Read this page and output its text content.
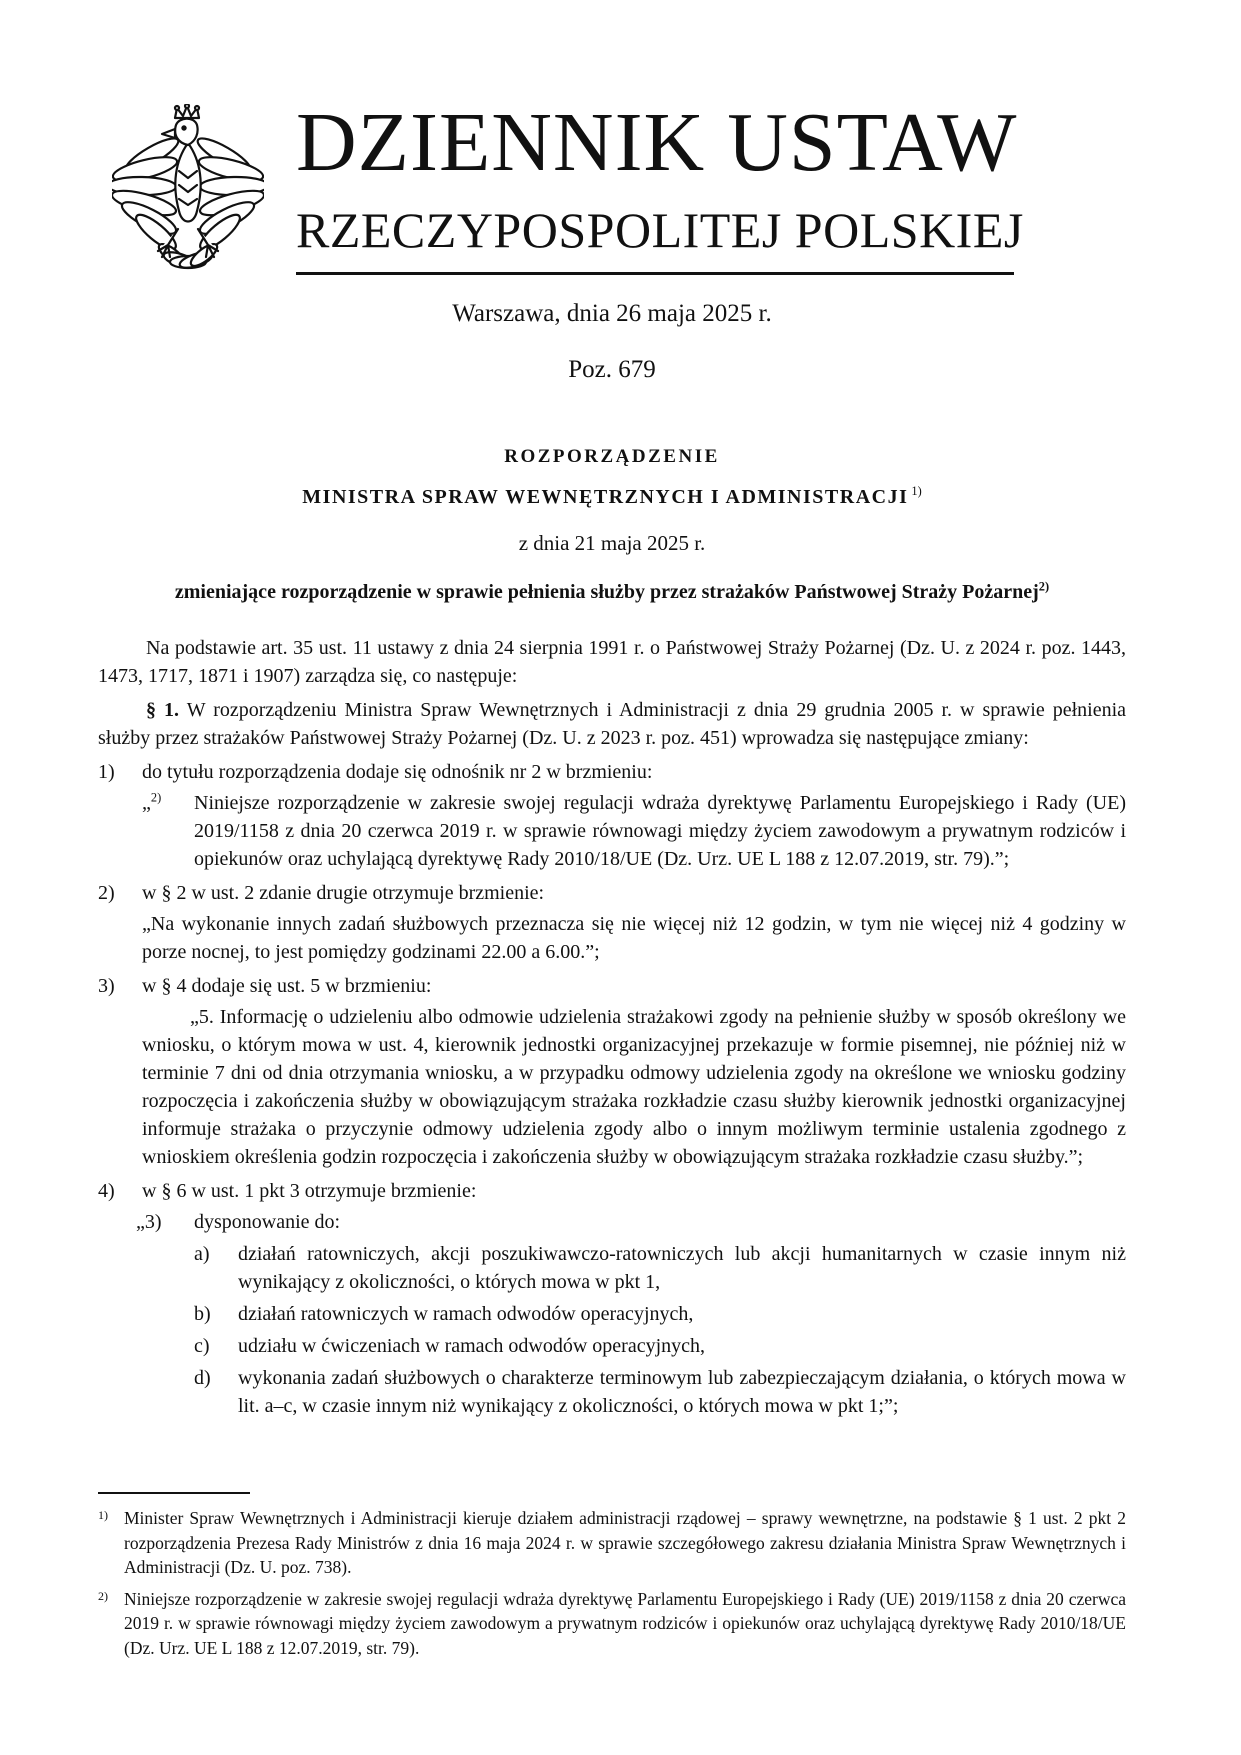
DZIENNIK USTAW
RZECZYPOSPOLITEJ POLSKIEJ
Warszawa, dnia 26 maja 2025 r.
Poz. 679
ROZPORZĄDZENIE
MINISTRA SPRAW WEWNĘTRZNYCH I ADMINISTRACJI $^{1)}$
z dnia 21 maja 2025 r.
zmieniające rozporządzenie w sprawie pełnienia służby przez strażaków Państwowej Straży Pożarnej$^{2)}$

Na podstawie art. 35 ust. 11 ustawy z dnia 24 sierpnia 1991 r. o Państwowej Straży Pożarnej (Dz. U. z 2024 r. poz. 1443, 1473, 1717, 1871 i 1907) zarządza się, co następuje:

§ 1. W rozporządzeniu Ministra Spraw Wewnętrznych i Administracji z dnia 29 grudnia 2005 r. w sprawie pełnienia służby przez strażaków Państwowej Straży Pożarnej (Dz. U. z 2023 r. poz. 451) wprowadza się następujące zmiany:

1) do tytułu rozporządzenia dodaje się odnośnik nr 2 w brzmieniu:
„$^{2)}$ Niniejsze rozporządzenie w zakresie swojej regulacji wdraża dyrektywę Parlamentu Europejskiego i Rady (UE) 2019/1158 z dnia 20 czerwca 2019 r. w sprawie równowagi między życiem zawodowym a prywatnym rodziców i opiekunów oraz uchylającą dyrektywę Rady 2010/18/UE (Dz. Urz. UE L 188 z 12.07.2019, str. 79).”;
2) w § 2 w ust. 2 zdanie drugie otrzymuje brzmienie:
„Na wykonanie innych zadań służbowych przeznacza się nie więcej niż 12 godzin, w tym nie więcej niż 4 godziny w porze nocnej, to jest pomiędzy godzinami 22.00 a 6.00.”;
3) w § 4 dodaje się ust. 5 w brzmieniu:
„5. Informację o udzieleniu albo odmowie udzielenia strażakowi zgody na pełnienie służby w sposób określony we wniosku, o którym mowa w ust. 4, kierownik jednostki organizacyjnej przekazuje w formie pisemnej, nie później niż w terminie 7 dni od dnia otrzymania wniosku, a w przypadku odmowy udzielenia zgody na określone we wniosku godziny rozpoczęcia i zakończenia służby w obowiązującym strażaka rozkładzie czasu służby kierownik jednostki organizacyjnej informuje strażaka o przyczynie odmowy udzielenia zgody albo o innym możliwym terminie ustalenia zgodnego z wnioskiem określenia godzin rozpoczęcia i zakończenia służby w obowiązującym strażaka rozkładzie czasu służby.”;
4) w § 6 w ust. 1 pkt 3 otrzymuje brzmienie:
„3) dysponowanie do:
a) działań ratowniczych, akcji poszukiwawczo-ratowniczych lub akcji humanitarnych w czasie innym niż wynikający z okoliczności, o których mowa w pkt 1,
b) działań ratowniczych w ramach odwodów operacyjnych,
c) udziału w ćwiczeniach w ramach odwodów operacyjnych,
d) wykonania zadań służbowych o charakterze terminowym lub zabezpieczającym działania, o których mowa w lit. a–c, w czasie innym niż wynikający z okoliczności, o których mowa w pkt 1;”;
1) Minister Spraw Wewnętrznych i Administracji kieruje działem administracji rządowej – sprawy wewnętrzne, na podstawie § 1 ust. 2 pkt 2 rozporządzenia Prezesa Rady Ministrów z dnia 16 maja 2024 r. w sprawie szczegółowego zakresu działania Ministra Spraw Wewnętrznych i Administracji (Dz. U. poz. 738).
2) Niniejsze rozporządzenie w zakresie swojej regulacji wdraża dyrektywę Parlamentu Europejskiego i Rady (UE) 2019/1158 z dnia 20 czerwca 2019 r. w sprawie równowagi między życiem zawodowym a prywatnym rodziców i opiekunów oraz uchylającą dyrektywę Rady 2010/18/UE (Dz. Urz. UE L 188 z 12.07.2019, str. 79).
